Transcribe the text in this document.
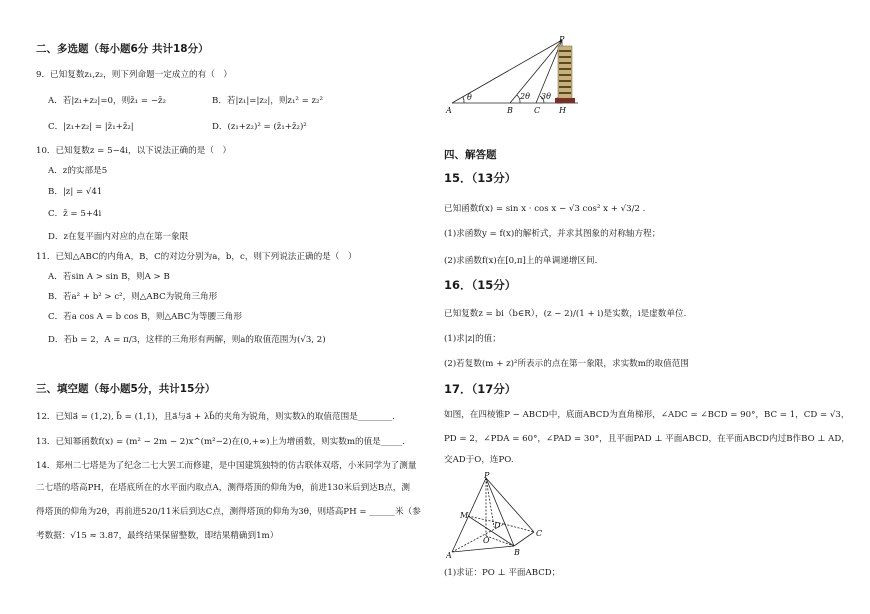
二、多选题（每小题6分 共计18分）
9．已知复数z₁,z₂，则下列命题一定成立的有（　）
A．若|z₁+z₂|=0，则z̄₁ = −z̄₂	B．若|z₁|=|z₂|，则z₁² = z₂²
C．|z₁+z₂| = |z̄₁+z̄₂|	D．(z₁+z₂)² = (z̄₁+z̄₂)²
10．已知复数z = 5−4i，以下说法正确的是（　）
A．z的实部是5
B．|z| = √41
C．z̄ = 5+4i
D．z在复平面内对应的点在第一象限
11．已知△ABC的内角A，B，C的对边分别为a，b，c，则下列说法正确的是（　）
A．若sin A > sin B，则A > B
B．若a² + b² > c²，则△ABC为锐角三角形
C．若a cos A = b cos B，则△ABC为等腰三角形
D．若b = 2，A = π/3，这样的三角形有两解，则a的取值范围为(√3, 2)
三、填空题（每小题5分，共计15分）
12．已知a⃗ = (1,2), b⃗ = (1,1)，且a⃗与a⃗ + λb⃗的夹角为锐角，则实数λ的取值范围是________.
13．已知幂函数f(x) = (m² − 2m − 2)x^(m²−2)在(0,+∞)上为增函数，则实数m的值是_____.
14．郑州二七塔是为了纪念二七大罢工而修建，是中国建筑独特的仿古联体双塔，小米同学为了测量
二七塔的塔高PH，在塔底所在的水平面内取点A，测得塔顶的仰角为θ，前进130米后到达B点，测
得塔顶的仰角为2θ，再前进520/11米后到达C点，测得塔顶的仰角为3θ，则塔高PH = ______米（参
考数据：√15 ≈ 3.87，最终结果保留整数，即结果精确到1m）
P
A	B	C H
θ	2θ 3θ
四、解答题
15．（13分）
已知函数f(x) = sin x · cos x − √3 cos² x + √3/2 .
(1)求函数y = f(x)的解析式，并求其图象的对称轴方程；
(2)求函数f(x)在[0,π]上的单调递增区间.
16．（15分）
已知复数z = bi（b∈R），(z − 2)/(1 + i)是实数，i是虚数单位.
(1)求|z|的值；
(2)若复数(m + z)²所表示的点在第一象限，求实数m的取值范围
17．（17分）
如图，在四棱锥P − ABCD中，底面ABCD为直角梯形，∠ADC = ∠BCD = 90°，BC = 1，CD = √3，
PD = 2，∠PDA = 60°，∠PAD = 30°，且平面PAD ⊥ 平面ABCD，在平面ABCD内过B作BO ⊥ AD，
交AD于O，连PO.
P
M
D
O
A	B
C
(1)求证：PO ⊥ 平面ABCD；
